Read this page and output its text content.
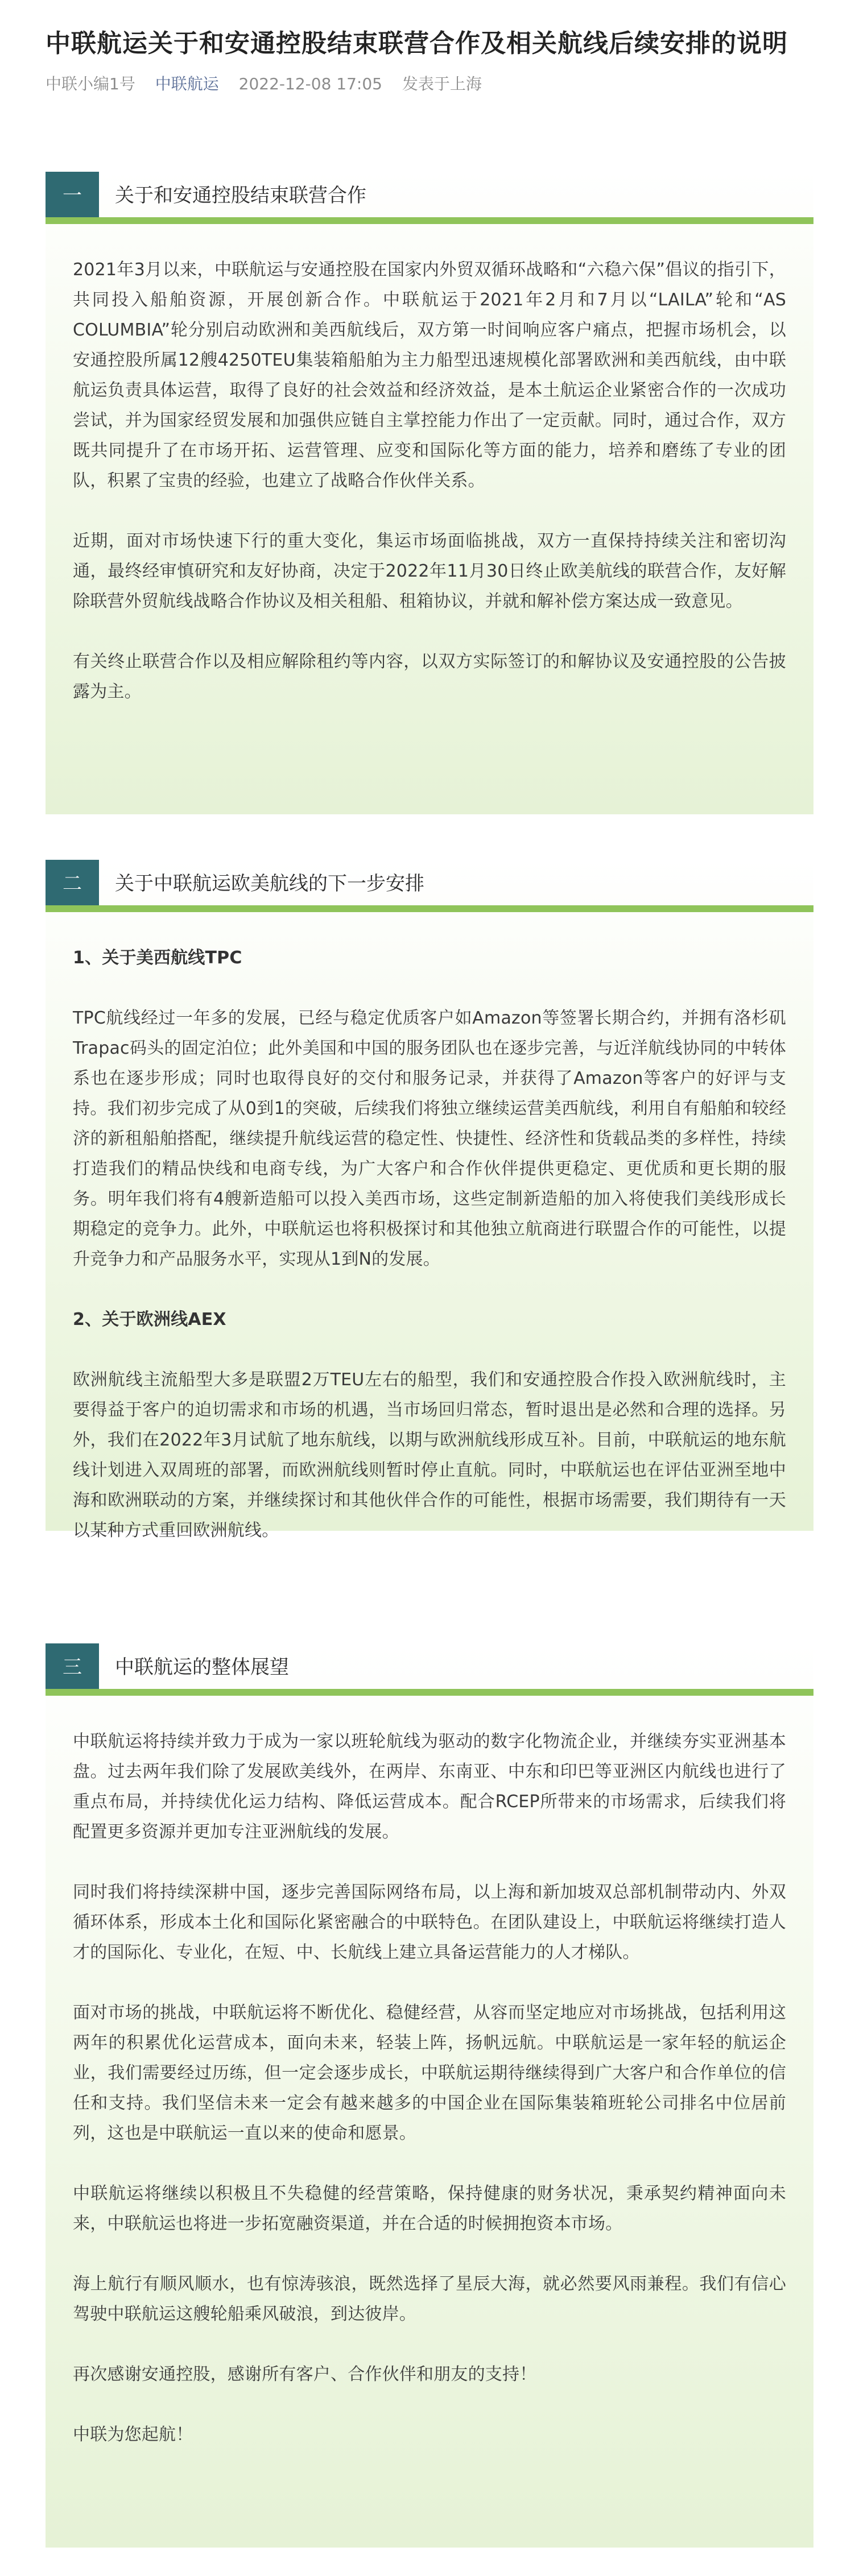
中联航运关于和安通控股结束联营合作及相关航线后续安排的说明
中联小编1号 中联航运 2022-12-08 17:05 发表于上海
一	关于和安通控股结束联营合作

2021年3月以来，中联航运与安通控股在国家内外贸双循环战略和“六稳六保”倡议的指引下，共同投入船舶资源，开展创新合作。中联航运于2021年2月和7月以“LAILA”轮和“AS COLUMBIA”轮分别启动欧洲和美西航线后，双方第一时间响应客户痛点，把握市场机会，以安通控股所属12艘4250TEU集装箱船舶为主力船型迅速规模化部署欧洲和美西航线，由中联航运负责具体运营，取得了良好的社会效益和经济效益，是本土航运企业紧密合作的一次成功尝试，并为国家经贸发展和加强供应链自主掌控能力作出了一定贡献。同时，通过合作，双方既共同提升了在市场开拓、运营管理、应变和国际化等方面的能力，培养和磨练了专业的团队，积累了宝贵的经验，也建立了战略合作伙伴关系。

近期，面对市场快速下行的重大变化，集运市场面临挑战，双方一直保持持续关注和密切沟通，最终经审慎研究和友好协商，决定于2022年11月30日终止欧美航线的联营合作，友好解除联营外贸航线战略合作协议及相关租船、租箱协议，并就和解补偿方案达成一致意见。

有关终止联营合作以及相应解除租约等内容，以双方实际签订的和解协议及安通控股的公告披露为主。

二	关于中联航运欧美航线的下一步安排

1、关于美西航线TPC

TPC航线经过一年多的发展，已经与稳定优质客户如Amazon等签署长期合约，并拥有洛杉矶Trapac码头的固定泊位；此外美国和中国的服务团队也在逐步完善，与近洋航线协同的中转体系也在逐步形成；同时也取得良好的交付和服务记录，并获得了Amazon等客户的好评与支持。我们初步完成了从0到1的突破，后续我们将独立继续运营美西航线，利用自有船舶和较经济的新租船舶搭配，继续提升航线运营的稳定性、快捷性、经济性和货载品类的多样性，持续打造我们的精品快线和电商专线，为广大客户和合作伙伴提供更稳定、更优质和更长期的服务。明年我们将有4艘新造船可以投入美西市场，这些定制新造船的加入将使我们美线形成长期稳定的竞争力。此外，中联航运也将积极探讨和其他独立航商进行联盟合作的可能性，以提升竞争力和产品服务水平，实现从1到N的发展。

2、关于欧洲线AEX

欧洲航线主流船型大多是联盟2万TEU左右的船型，我们和安通控股合作投入欧洲航线时，主要得益于客户的迫切需求和市场的机遇，当市场回归常态，暂时退出是必然和合理的选择。另外，我们在2022年3月试航了地东航线，以期与欧洲航线形成互补。目前，中联航运的地东航线计划进入双周班的部署，而欧洲航线则暂时停止直航。同时，中联航运也在评估亚洲至地中海和欧洲联动的方案，并继续探讨和其他伙伴合作的可能性，根据市场需要，我们期待有一天以某种方式重回欧洲航线。

三	中联航运的整体展望

中联航运将持续并致力于成为一家以班轮航线为驱动的数字化物流企业，并继续夯实亚洲基本盘。过去两年我们除了发展欧美线外，在两岸、东南亚、中东和印巴等亚洲区内航线也进行了重点布局，并持续优化运力结构、降低运营成本。配合RCEP所带来的市场需求，后续我们将配置更多资源并更加专注亚洲航线的发展。

同时我们将持续深耕中国，逐步完善国际网络布局，以上海和新加坡双总部机制带动内、外双循环体系，形成本土化和国际化紧密融合的中联特色。在团队建设上，中联航运将继续打造人才的国际化、专业化，在短、中、长航线上建立具备运营能力的人才梯队。

面对市场的挑战，中联航运将不断优化、稳健经营，从容而坚定地应对市场挑战，包括利用这两年的积累优化运营成本，面向未来，轻装上阵，扬帆远航。中联航运是一家年轻的航运企业，我们需要经过历练，但一定会逐步成长，中联航运期待继续得到广大客户和合作单位的信任和支持。我们坚信未来一定会有越来越多的中国企业在国际集装箱班轮公司排名中位居前列，这也是中联航运一直以来的使命和愿景。

中联航运将继续以积极且不失稳健的经营策略，保持健康的财务状况，秉承契约精神面向未来，中联航运也将进一步拓宽融资渠道，并在合适的时候拥抱资本市场。

海上航行有顺风顺水，也有惊涛骇浪，既然选择了星辰大海，就必然要风雨兼程。我们有信心驾驶中联航运这艘轮船乘风破浪，到达彼岸。

再次感谢安通控股，感谢所有客户、合作伙伴和朋友的支持！

中联为您起航！
